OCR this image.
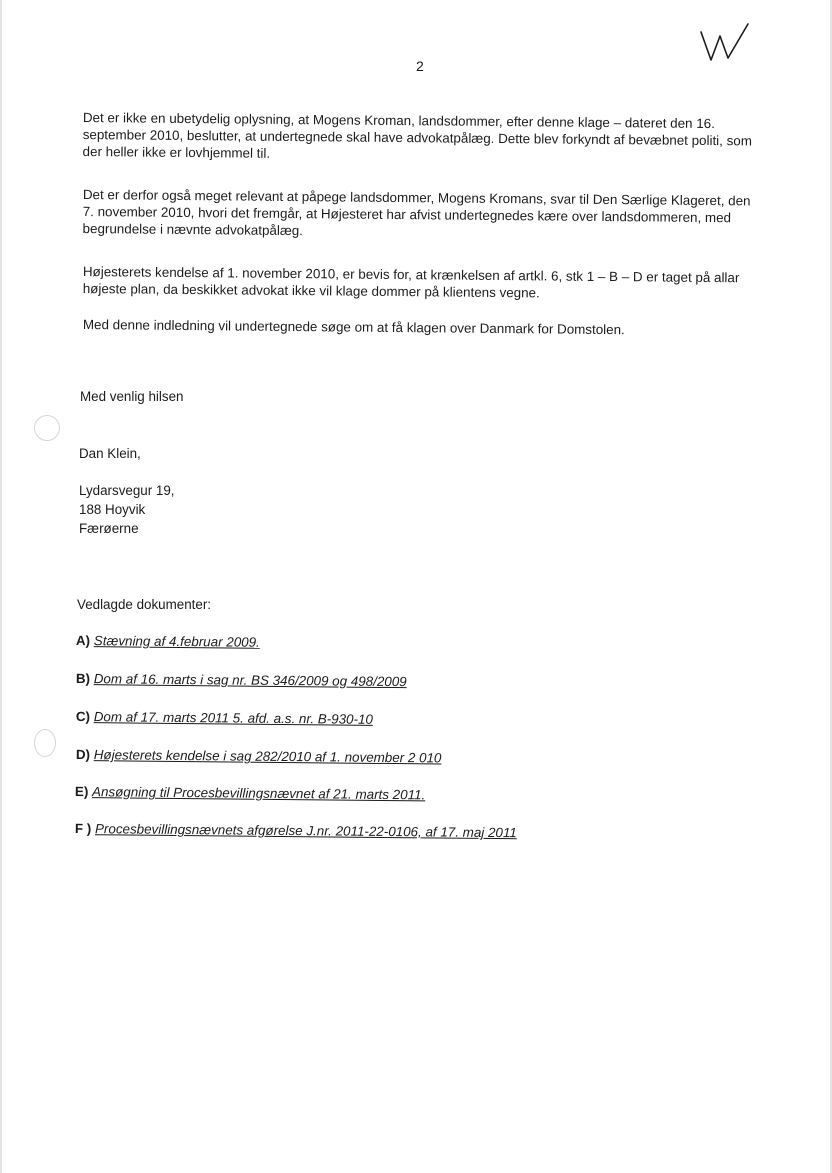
2

Det er ikke en ubetydelig oplysning, at Mogens Kroman, landsdommer, efter denne klage – dateret den 16. september 2010, beslutter, at undertegnede skal have advokatpålæg. Dette blev forkyndt af bevæbnet politi, som der heller ikke er lovhjemmel til.

Det er derfor også meget relevant at påpege landsdommer, Mogens Kromans, svar til Den Særlige Klageret, den 7. november 2010, hvori det fremgår, at Højesteret har afvist undertegnedes kære over landsdommeren, med begrundelse i nævnte advokatpålæg.

Højesterets kendelse af 1. november 2010, er bevis for, at krænkelsen af artkl. 6, stk 1 – B – D er taget på allar højeste plan, da beskikket advokat ikke vil klage dommer på klientens vegne.

Med denne indledning vil undertegnede søge om at få klagen over Danmark for Domstolen.

Med venlig hilsen

Dan Klein,

Lydarsvegur 19,

188 Hoyvik

Færøerne

Vedlagde dokumenter:

A) Stævning af 4.februar 2009.
B) Dom af 16. marts i sag nr. BS 346/2009 og 498/2009
C) Dom af 17. marts 2011 5. afd. a.s. nr. B-930-10
D) Højesterets kendelse i sag 282/2010 af 1. november 2 010
E) Ansøgning til Procesbevillingsnævnet af 21. marts 2011.
F ) Procesbevillingsnævnets afgørelse J.nr. 2011-22-0106, af 17. maj 2011
